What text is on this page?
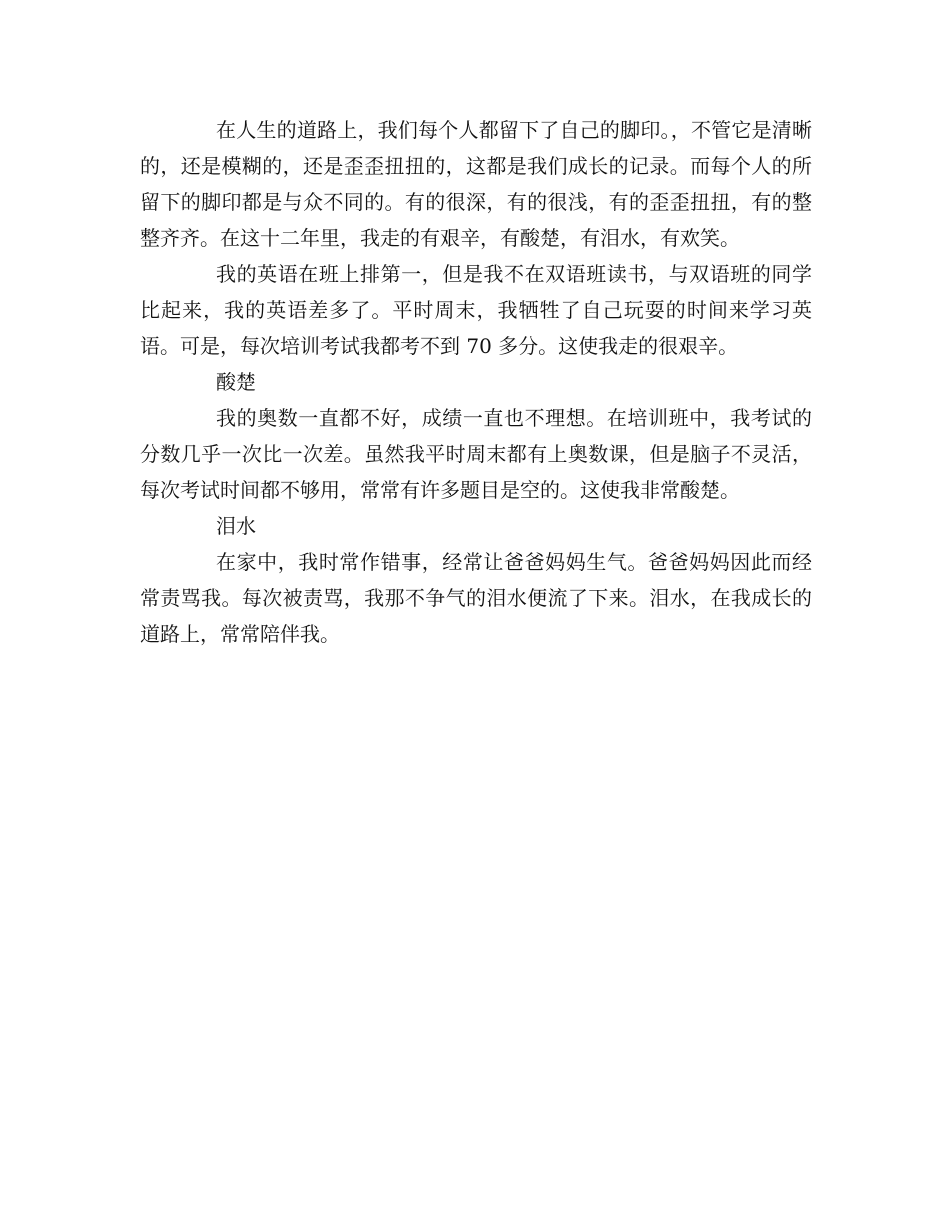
在人生的道路上，我们每个人都留下了自己的脚印。，不管它是清晰的，还是模糊的，还是歪歪扭扭的，这都是我们成长的记录。而每个人的所留下的脚印都是与众不同的。有的很深，有的很浅，有的歪歪扭扭，有的整整齐齐。在这十二年里，我走的有艰辛，有酸楚，有泪水，有欢笑。

我的英语在班上排第一，但是我不在双语班读书，与双语班的同学比起来，我的英语差多了。平时周末，我牺牲了自己玩耍的时间来学习英语。可是，每次培训考试我都考不到 70 多分。这使我走的很艰辛。

酸楚

我的奥数一直都不好，成绩一直也不理想。在培训班中，我考试的分数几乎一次比一次差。虽然我平时周末都有上奥数课，但是脑子不灵活，每次考试时间都不够用，常常有许多题目是空的。这使我非常酸楚。

泪水

在家中，我时常作错事，经常让爸爸妈妈生气。爸爸妈妈因此而经常责骂我。每次被责骂，我那不争气的泪水便流了下来。泪水，在我成长的道路上，常常陪伴我。
